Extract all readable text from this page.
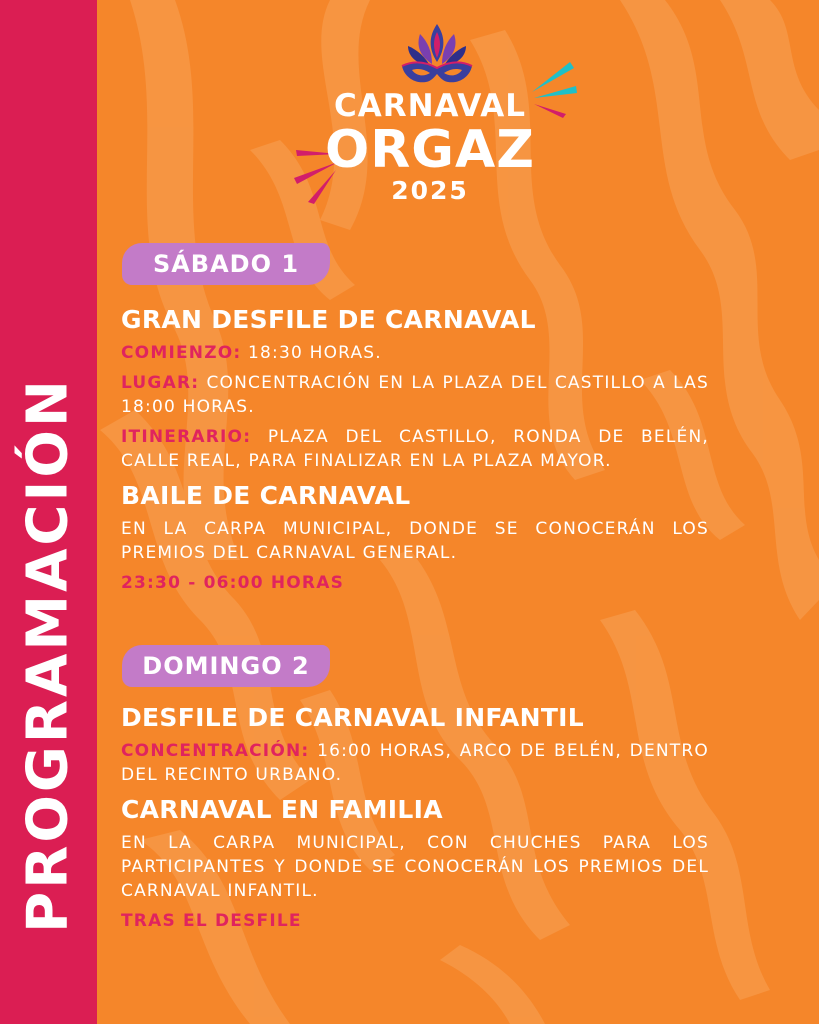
PROGRAMACIÓN
CARNAVAL
ORGAZ
2025
SÁBADO 1
GRAN DESFILE DE CARNAVAL
COMIENZO: 18:30 HORAS.
LUGAR: CONCENTRACIÓN EN LA PLAZA DEL CASTILLO A LAS 18:00 HORAS.
ITINERARIO: PLAZA DEL CASTILLO, RONDA DE BELÉN, CALLE REAL, PARA FINALIZAR EN LA PLAZA MAYOR.
BAILE DE CARNAVAL
EN LA CARPA MUNICIPAL, DONDE SE CONOCERÁN LOS PREMIOS DEL CARNAVAL GENERAL.
23:30 - 06:00 HORAS
DOMINGO 2
DESFILE DE CARNAVAL INFANTIL
CONCENTRACIÓN: 16:00 HORAS, ARCO DE BELÉN, DENTRO DEL RECINTO URBANO.
CARNAVAL EN FAMILIA
EN LA CARPA MUNICIPAL, CON CHUCHES PARA LOS PARTICIPANTES Y DONDE SE CONOCERÁN LOS PREMIOS DEL CARNAVAL INFANTIL.
TRAS EL DESFILE
